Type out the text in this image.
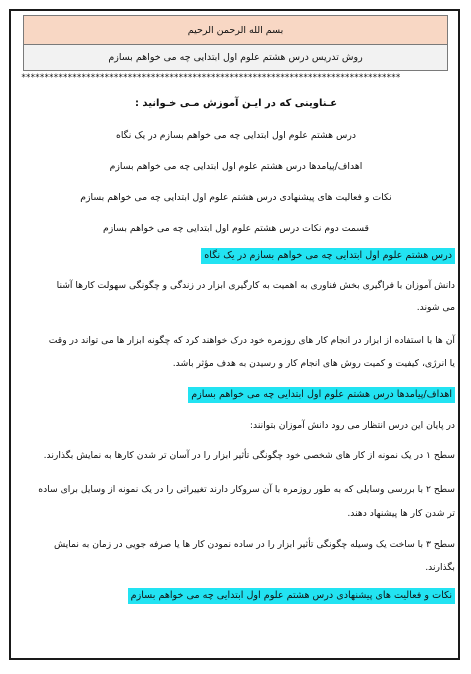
بسم الله الرحمن الرحیم
روش تدریس درس هشتم علوم اول ابتدایی چه می خواهم بسازم
**********************************************************************************
عـناوینی که در ایـن آموزش مـی خـوانید :
درس هشتم علوم اول ابتدایی چه می خواهم بسازم در یک نگاه
اهداف/پیامدها درس هشتم علوم اول ابتدایی چه می خواهم بسازم
نکات و فعالیت های پیشنهادی درس هشتم علوم اول ابتدایی چه می خواهم بسازم
قسمت دوم نکات درس هشتم علوم اول ابتدایی چه می خواهم بسازم
درس هشتم علوم اول ابتدایی چه می خواهم بسازم در یک نگاه
دانش آموزان با فراگیری بخش فناوری به اهمیت به کارگیری ابزار در زندگی و چگونگی سهولت کارها آشنا
می شوند.
آن ها با استفاده از ابزار در انجام کار های روزمره خود درک خواهند کرد که چگونه ابزار ها می تواند در وقت
یا انرژی، کیفیت و کمیت روش های انجام کار و رسیدن به هدف مؤثر باشد.
اهداف/پیامدها درس هشتم علوم اول ابتدایی چه می خواهم بسازم
در پایان این درس انتظار می رود دانش آموزان بتوانند:
سطح ۱ در یک نمونه از کار های شخصی خود چگونگی تأثیر ابزار را در آسان تر شدن کارها به نمایش بگذارند.
سطح ۲ با بررسی وسایلی که به طور روزمره با آن سروکار دارند تغییراتی را در یک نمونه از وسایل برای ساده
تر شدن کار ها پیشنهاد دهند.
سطح ۳ با ساخت یک وسیله چگونگی تأثیر ابزار را در ساده نمودن کار ها یا صرفه جویی در زمان به نمایش
بگذارند.
نکات و فعالیت های پیشنهادی درس هشتم علوم اول ابتدایی چه می خواهم بسازم
